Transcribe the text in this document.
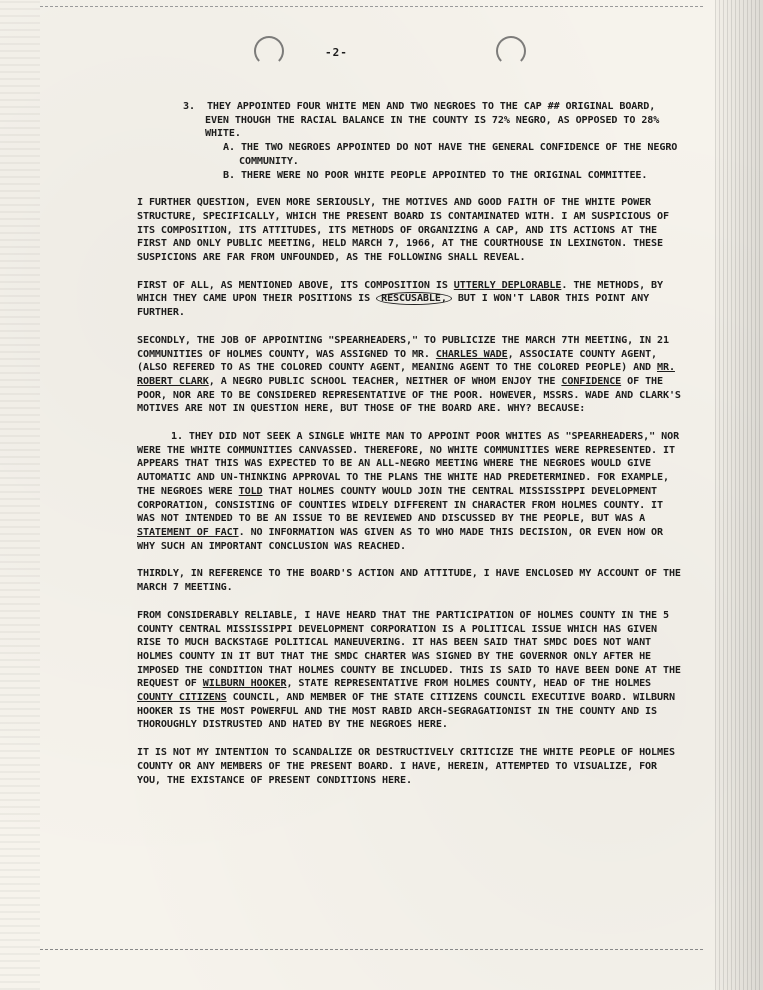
-2-
3. THEY APPOINTED FOUR WHITE MEN AND TWO NEGROES TO THE CAP ## ORIGINAL BOARD, EVEN THOUGH THE RACIAL BALANCE IN THE COUNTY IS 72% NEGRO, AS OPPOSED TO 28% WHITE.
A. THE TWO NEGROES APPOINTED DO NOT HAVE THE GENERAL CONFIDENCE OF THE NEGRO COMMUNITY.
B. THERE WERE NO POOR WHITE PEOPLE APPOINTED TO THE ORIGINAL COMMITTEE.

I FURTHER QUESTION, EVEN MORE SERIOUSLY, THE MOTIVES AND GOOD FAITH OF THE WHITE POWER STRUCTURE, SPECIFICALLY, WHICH THE PRESENT BOARD IS CONTAMINATED WITH. I AM SUSPICIOUS OF ITS COMPOSITION, ITS ATTITUDES, ITS METHODS OF ORGANIZING A CAP, AND ITS ACTIONS AT THE FIRST AND ONLY PUBLIC MEETING, HELD MARCH 7, 1966, AT THE COURTHOUSE IN LEXINGTON. THESE SUSPICIONS ARE FAR FROM UNFOUNDED, AS THE FOLLOWING SHALL REVEAL.

FIRST OF ALL, AS MENTIONED ABOVE, ITS COMPOSITION IS UTTERLY DEPLORABLE. THE METHODS, BY WHICH THEY CAME UPON THEIR POSITIONS IS RESCUSABLE, BUT I WON'T LABOR THIS POINT ANY FURTHER.

SECONDLY, THE JOB OF APPOINTING "SPEARHEADERS," TO PUBLICIZE THE MARCH 7TH MEETING, IN 21 COMMUNITIES OF HOLMES COUNTY, WAS ASSIGNED TO MR. CHARLES WADE, ASSOCIATE COUNTY AGENT, (ALSO REFERED TO AS THE COLORED COUNTY AGENT, MEANING AGENT TO THE COLORED PEOPLE) AND MR. ROBERT CLARK, A NEGRO PUBLIC SCHOOL TEACHER, NEITHER OF WHOM ENJOY THE CONFIDENCE OF THE POOR, NOR ARE TO BE CONSIDERED REPRESENTATIVE OF THE POOR. HOWEVER, MSSRS. WADE AND CLARK'S MOTIVES ARE NOT IN QUESTION HERE, BUT THOSE OF THE BOARD ARE. WHY? BECAUSE:

1. THEY DID NOT SEEK A SINGLE WHITE MAN TO APPOINT POOR WHITES AS "SPEARHEADERS," NOR WERE THE WHITE COMMUNITIES CANVASSED. THEREFORE, NO WHITE COMMUNITIES WERE REPRESENTED. IT APPEARS THAT THIS WAS EXPECTED TO BE AN ALL-NEGRO MEETING WHERE THE NEGROES WOULD GIVE AUTOMATIC AND UN-THINKING APPROVAL TO THE PLANS THE WHITE HAD PREDETERMINED. FOR EXAMPLE, THE NEGROES WERE TOLD THAT HOLMES COUNTY WOULD JOIN THE CENTRAL MISSISSIPPI DEVELOPMENT CORPORATION, CONSISTING OF COUNTIES WIDELY DIFFERENT IN CHARACTER FROM HOLMES COUNTY. IT WAS NOT INTENDED TO BE AN ISSUE TO BE REVIEWED AND DISCUSSED BY THE PEOPLE, BUT WAS A STATEMENT OF FACT. NO INFORMATION WAS GIVEN AS TO WHO MADE THIS DECISION, OR EVEN HOW OR WHY SUCH AN IMPORTANT CONCLUSION WAS REACHED.

THIRDLY, IN REFERENCE TO THE BOARD'S ACTION AND ATTITUDE, I HAVE ENCLOSED MY ACCOUNT OF THE MARCH 7 MEETING.

FROM CONSIDERABLY RELIABLE, I HAVE HEARD THAT THE PARTICIPATION OF HOLMES COUNTY IN THE 5 COUNTY CENTRAL MISSISSIPPI DEVELOPMENT CORPORATION IS A POLITICAL ISSUE WHICH HAS GIVEN RISE TO MUCH BACKSTAGE POLITICAL MANEUVERING. IT HAS BEEN SAID THAT SMDC DOES NOT WANT HOLMES COUNTY IN IT BUT THAT THE SMDC CHARTER WAS SIGNED BY THE GOVERNOR ONLY AFTER HE IMPOSED THE CONDITION THAT HOLMES COUNTY BE INCLUDED. THIS IS SAID TO HAVE BEEN DONE AT THE REQUEST OF WILBURN HOOKER, STATE REPRESENTATIVE FROM HOLMES COUNTY, HEAD OF THE HOLMES COUNTY CITIZENS COUNCIL, AND MEMBER OF THE STATE CITIZENS COUNCIL EXECUTIVE BOARD. WILBURN HOOKER IS THE MOST POWERFUL AND THE MOST RABID ARCH-SEGRAGATIONIST IN THE COUNTY AND IS THOROUGHLY DISTRUSTED AND HATED BY THE NEGROES HERE.

IT IS NOT MY INTENTION TO SCANDALIZE OR DESTRUCTIVELY CRITICIZE THE WHITE PEOPLE OF HOLMES COUNTY OR ANY MEMBERS OF THE PRESENT BOARD. I HAVE, HEREIN, ATTEMPTED TO VISUALIZE, FOR YOU, THE EXISTANCE OF PRESENT CONDITIONS HERE.
